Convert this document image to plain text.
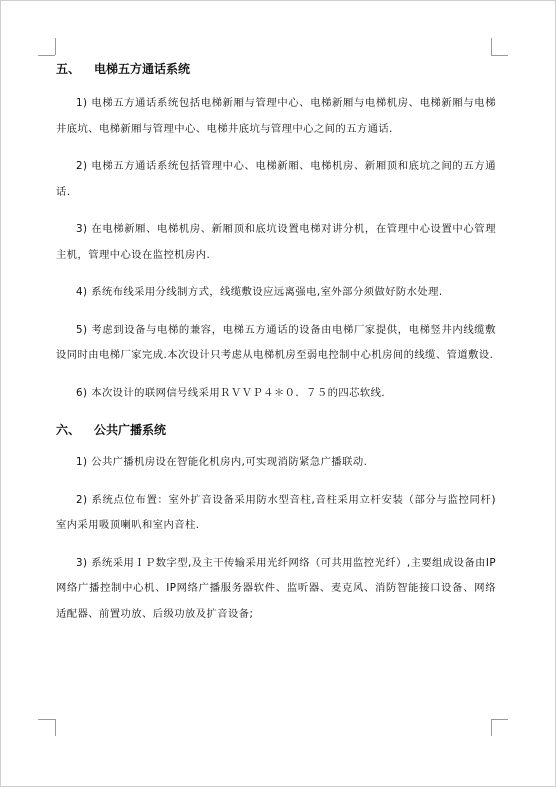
五、	电梯五方通话系统

1) 电梯五方通话系统包括电梯新厢与管理中心、电梯新厢与电梯机房、电梯新厢与电梯井底坑、电梯新厢与管理中心、电梯井底坑与管理中心之间的五方通话.

2) 电梯五方通话系统包括管理中心、电梯新厢、电梯机房、新厢顶和底坑之间的五方通话.

3) 在电梯新厢、电梯机房、新厢顶和底坑设置电梯对讲分机，在管理中心设置中心管理主机，管理中心设在监控机房内.

4) 系统布线采用分线制方式，线缆敷设应远离强电,室外部分须做好防水处理.

5) 考虑到设备与电梯的兼容，电梯五方通话的设备由电梯厂家提供，电梯竖井内线缆敷设同时由电梯厂家完成.本次设计只考虑从电梯机房至弱电控制中心机房间的线缆、管道敷设.

6) 本次设计的联网信号线采用ＲＶＶＰ４＊０．７５的四芯软线.

六、	公共广播系统

1) 公共广播机房设在智能化机房内,可实现消防紧急广播联动.

2) 系统点位布置：室外扩音设备采用防水型音柱,音柱采用立杆安装（部分与监控同杆)室内采用吸顶喇叭和室内音柱.

3) 系统采用ＩＰ数字型,及主干传输采用光纤网络（可共用监控光纤）,主要组成设备由IP网络广播控制中心机、IP网络广播服务器软件、监听器、麦克风、消防智能接口设备、网络适配器、前置功放、后级功放及扩音设备;
